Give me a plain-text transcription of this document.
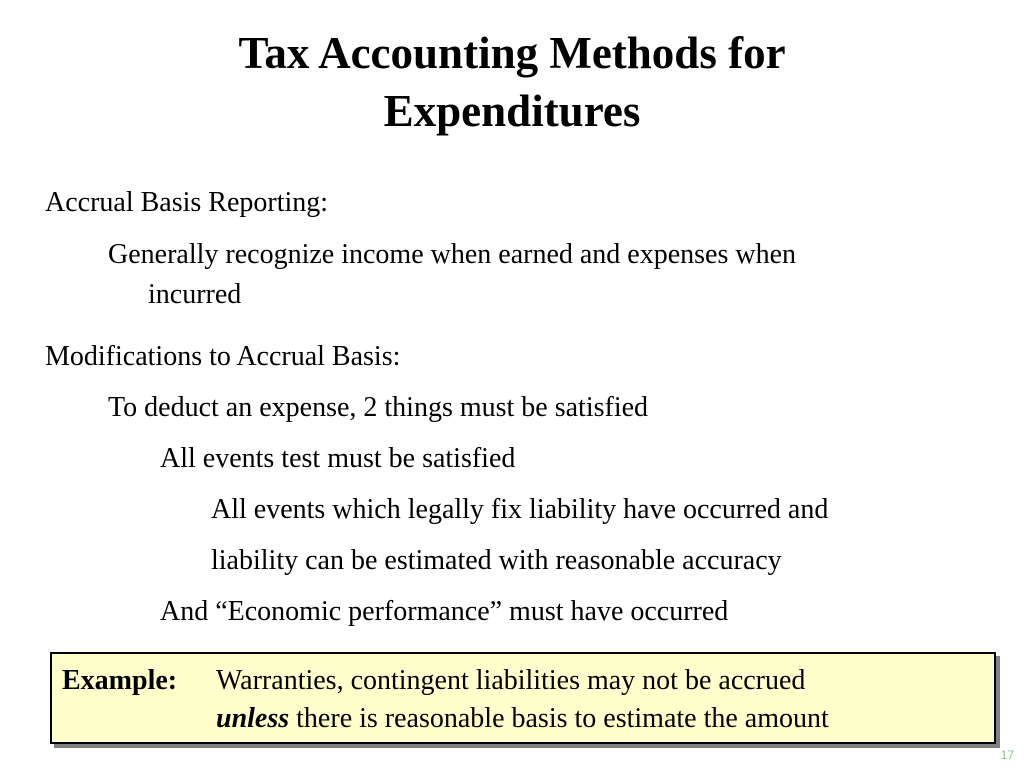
Tax Accounting Methods for
Expenditures
Accrual Basis Reporting:
Generally recognize income when earned and expenses when
incurred
Modifications to Accrual Basis:
To deduct an expense, 2 things must be satisfied
All events test must be satisfied
All events which legally fix liability have occurred and
liability can be estimated with reasonable accuracy
And “Economic performance” must have occurred
Example: Warranties, contingent liabilities may not be accrued
unless there is reasonable basis to estimate the amount
17
